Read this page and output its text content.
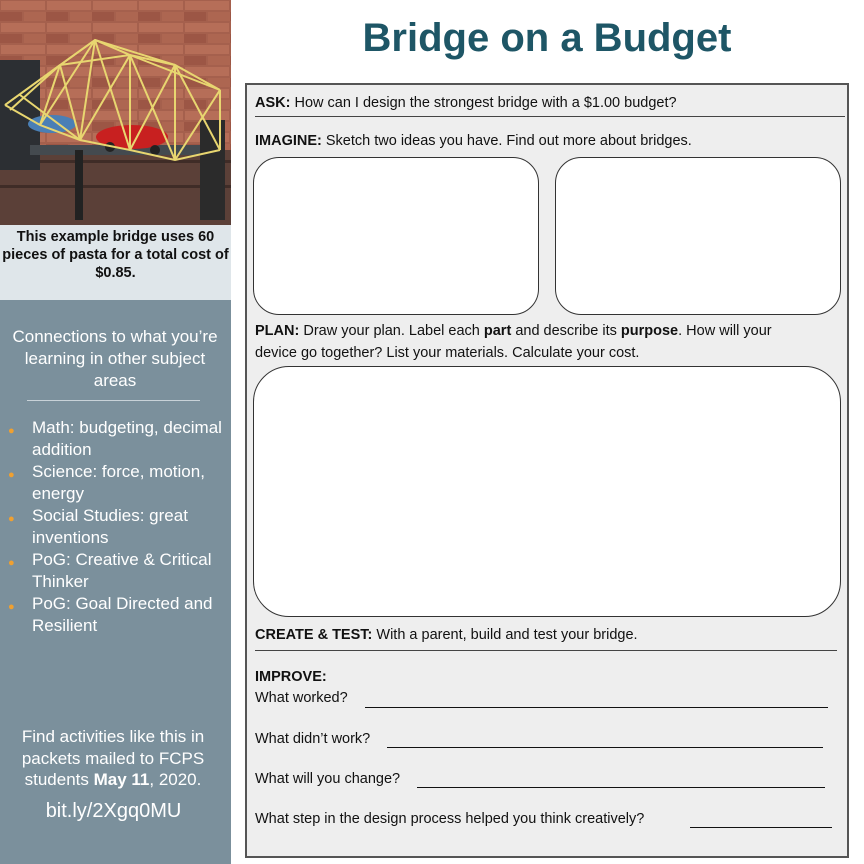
This example bridge uses 60 pieces of pasta for a total cost of $0.85.
Connections to what you’re learning in other subject areas
● Math: budgeting, decimal addition
● Science: force, motion, energy
● Social Studies: great inventions
● PoG: Creative & Critical Thinker
● PoG: Goal Directed and Resilient
Find activities like this in packets mailed to FCPS students May 11, 2020.
bit.ly/2Xgq0MU
Bridge on a Budget
ASK: How can I design the strongest bridge with a $1.00 budget?
IMAGINE: Sketch two ideas you have. Find out more about bridges.
PLAN: Draw your plan. Label each part and describe its purpose. How will your
device go together? List your materials. Calculate your cost.
CREATE & TEST: With a parent, build and test your bridge.
IMPROVE:
What worked?
What didn’t work?
What will you change?
What step in the design process helped you think creatively?
